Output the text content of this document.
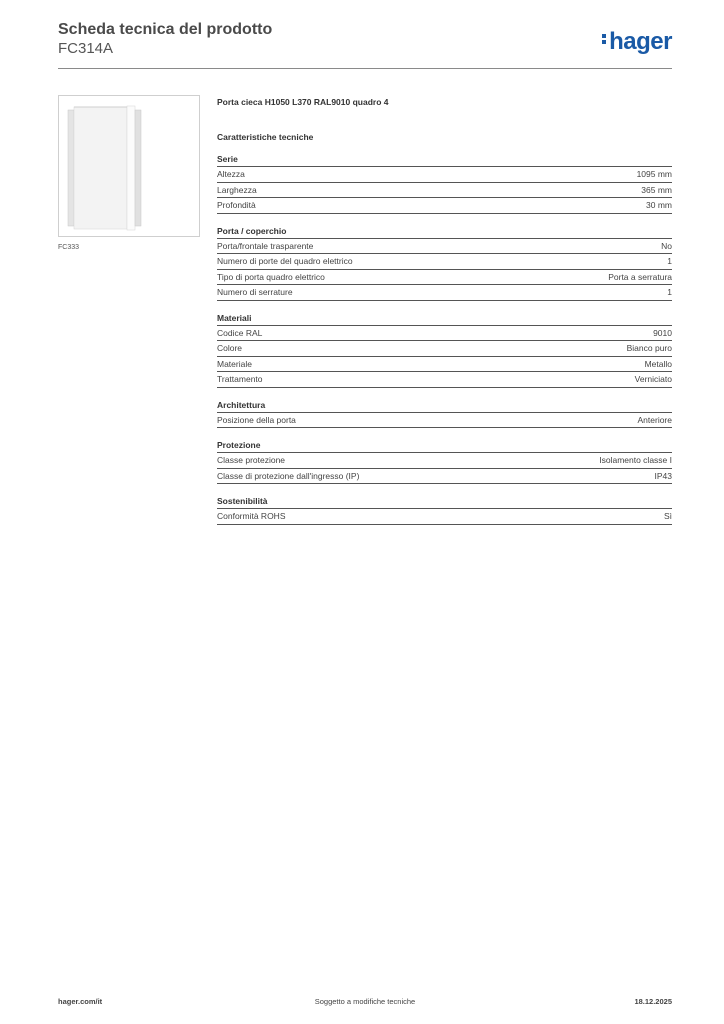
Scheda tecnica del prodotto

FC314A	hager
FC333
Porta cieca H1050 L370 RAL9010 quadro 4
Caratteristiche tecniche
Serie
Altezza	1095 mm
Larghezza	365 mm
Profondità	30 mm
Porta / coperchio
Porta/frontale trasparente	No
Numero di porte del quadro elettrico	1
Tipo di porta quadro elettrico	Porta a serratura
Numero di serrature	1
Materiali
Codice RAL	9010
Colore	Bianco puro
Materiale	Metallo
Trattamento	Verniciato
Architettura
Posizione della porta	Anteriore
Protezione
Classe protezione	Isolamento classe I
Classe di protezione dall'ingresso (IP)	IP43
Sostenibilità
Conformità ROHS	Sì
hager.com/it	Soggetto a modifiche tecniche	18.12.2025
